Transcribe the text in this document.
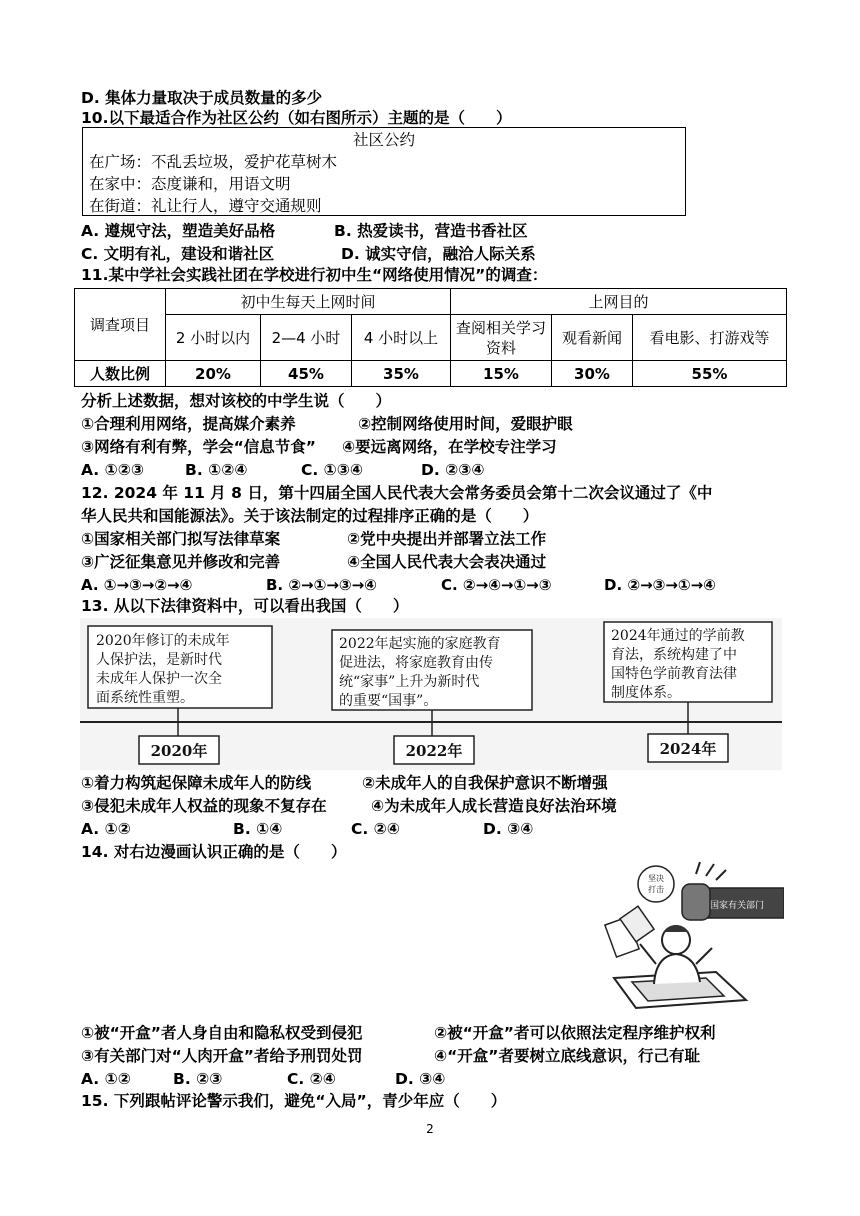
D. 集体力量取决于成员数量的多少
10.以下最适合作为社区公约（如右图所示）主题的是（　　）
社区公约
在广场：不乱丢垃圾，爱护花草树木
在家中：态度谦和，用语文明
在街道：礼让行人，遵守交通规则
A. 遵规守法，塑造美好品格	B. 热爱读书，营造书香社区
C. 文明有礼，建设和谐社区	D. 诚实守信，融洽人际关系
11.某中学社会实践社团在学校进行初中生“网络使用情况”的调查：
调查项目	初中生每天上网时间			上网目的		
	2 小时以内	2—4 小时	4 小时以上	查阅相关学习资料	观看新闻	看电影、打游戏等
人数比例	20%	45%	35%	15%	30%	55%
分析上述数据，想对该校的中学生说（　　）
①合理利用网络，提高媒介素养	②控制网络使用时间，爱眼护眼
③网络有利有弊，学会“信息节食” ④要远离网络，在学校专注学习
A. ①②③	B. ①②④	C. ①③④	D. ②③④
12. 2024 年 11 月 8 日，第十四届全国人民代表大会常务委员会第十二次会议通过了《中
华人民共和国能源法》。关于该法制定的过程排序正确的是（　　）
①国家相关部门拟写法律草案	②党中央提出并部署立法工作
③广泛征集意见并修改和完善	④全国人民代表大会表决通过
A. ①→③→②→④	B. ②→①→③→④	C. ②→④→①→③	D. ②→③→①→④
13. 从以下法律资料中，可以看出我国（　　）
2020年修订的未成年
人保护法，是新时代
未成年人保护一次全
面系统性重塑。
2020年
2022年起实施的家庭教育
促进法，将家庭教育由传
统“家事”上升为新时代
的重要“国事”。
2022年
2024年通过的学前教
育法，系统构建了中
国特色学前教育法律
制度体系。
2024年
①着力构筑起保障未成年人的防线	②未成年人的自我保护意识不断增强
③侵犯未成年人权益的现象不复存在	④为未成年人成长营造良好法治环境
A. ①②	B. ①④	C. ②④	D. ③④
14. 对右边漫画认识正确的是（　　）
国家有关部门
坚决
打击
①被“开盒”者人身自由和隐私权受到侵犯	②被“开盒”者可以依照法定程序维护权利
③有关部门对“人肉开盒”者给予刑罚处罚	④“开盒”者要树立底线意识，行己有耻
A. ①②	B. ②③	C. ②④	D. ③④
15. 下列跟帖评论警示我们，避免“入局”，青少年应（　　）
2
